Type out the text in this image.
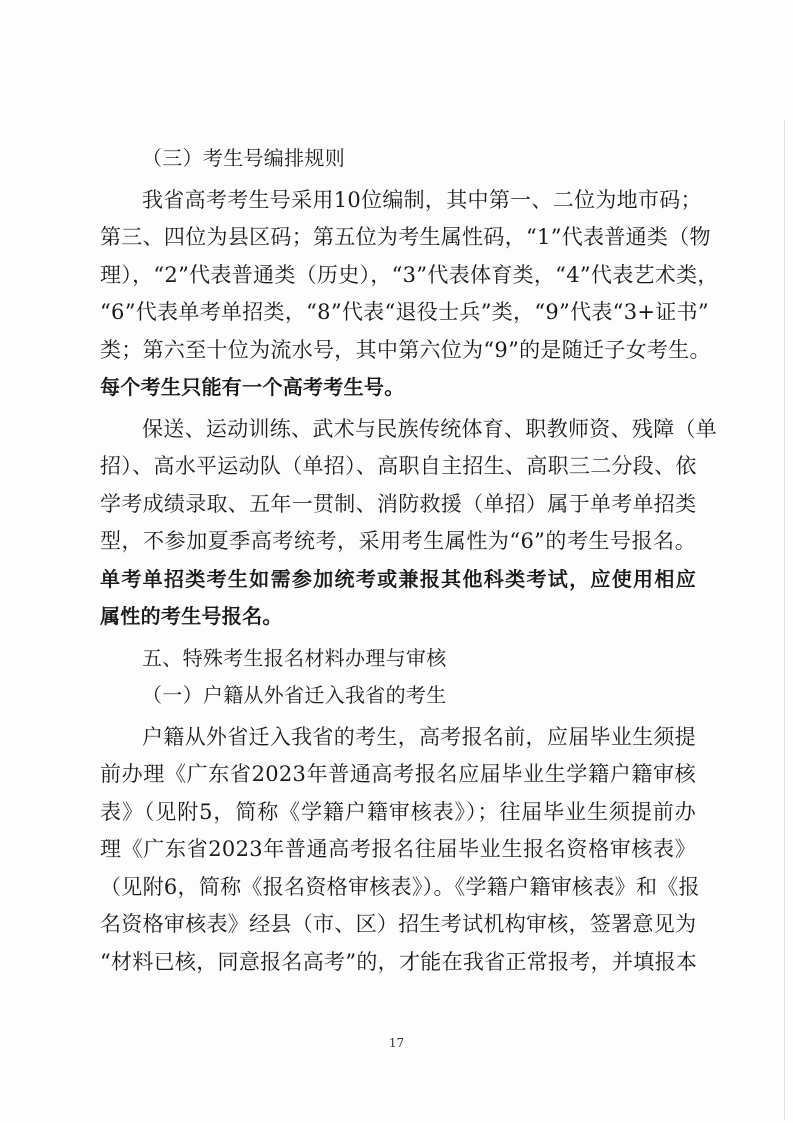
（三）考生号编排规则
我省高考考生号采用10位编制，其中第一、二位为地市码；
第三、四位为县区码；第五位为考生属性码，“1”代表普通类（物
理），“2”代表普通类（历史），“3”代表体育类，“4”代表艺术类，
“6”代表单考单招类，“8”代表“退役士兵”类，“9”代表“3+证书”
类；第六至十位为流水号，其中第六位为“9”的是随迁子女考生。
每个考生只能有一个高考考生号。
保送、运动训练、武术与民族传统体育、职教师资、残障（单
招）、高水平运动队（单招）、高职自主招生、高职三二分段、依
学考成绩录取、五年一贯制、消防救援（单招）属于单考单招类
型，不参加夏季高考统考，采用考生属性为“6”的考生号报名。
单考单招类考生如需参加统考或兼报其他科类考试，应使用相应
属性的考生号报名。
五、特殊考生报名材料办理与审核
（一）户籍从外省迁入我省的考生
户籍从外省迁入我省的考生，高考报名前，应届毕业生须提
前办理《广东省2023年普通高考报名应届毕业生学籍户籍审核
表》（见附5，简称《学籍户籍审核表》）；往届毕业生须提前办
理《广东省2023年普通高考报名往届毕业生报名资格审核表》
（见附6，简称《报名资格审核表》）。《学籍户籍审核表》和《报
名资格审核表》经县（市、区）招生考试机构审核，签署意见为
“材料已核，同意报名高考”的，才能在我省正常报考，并填报本
17
